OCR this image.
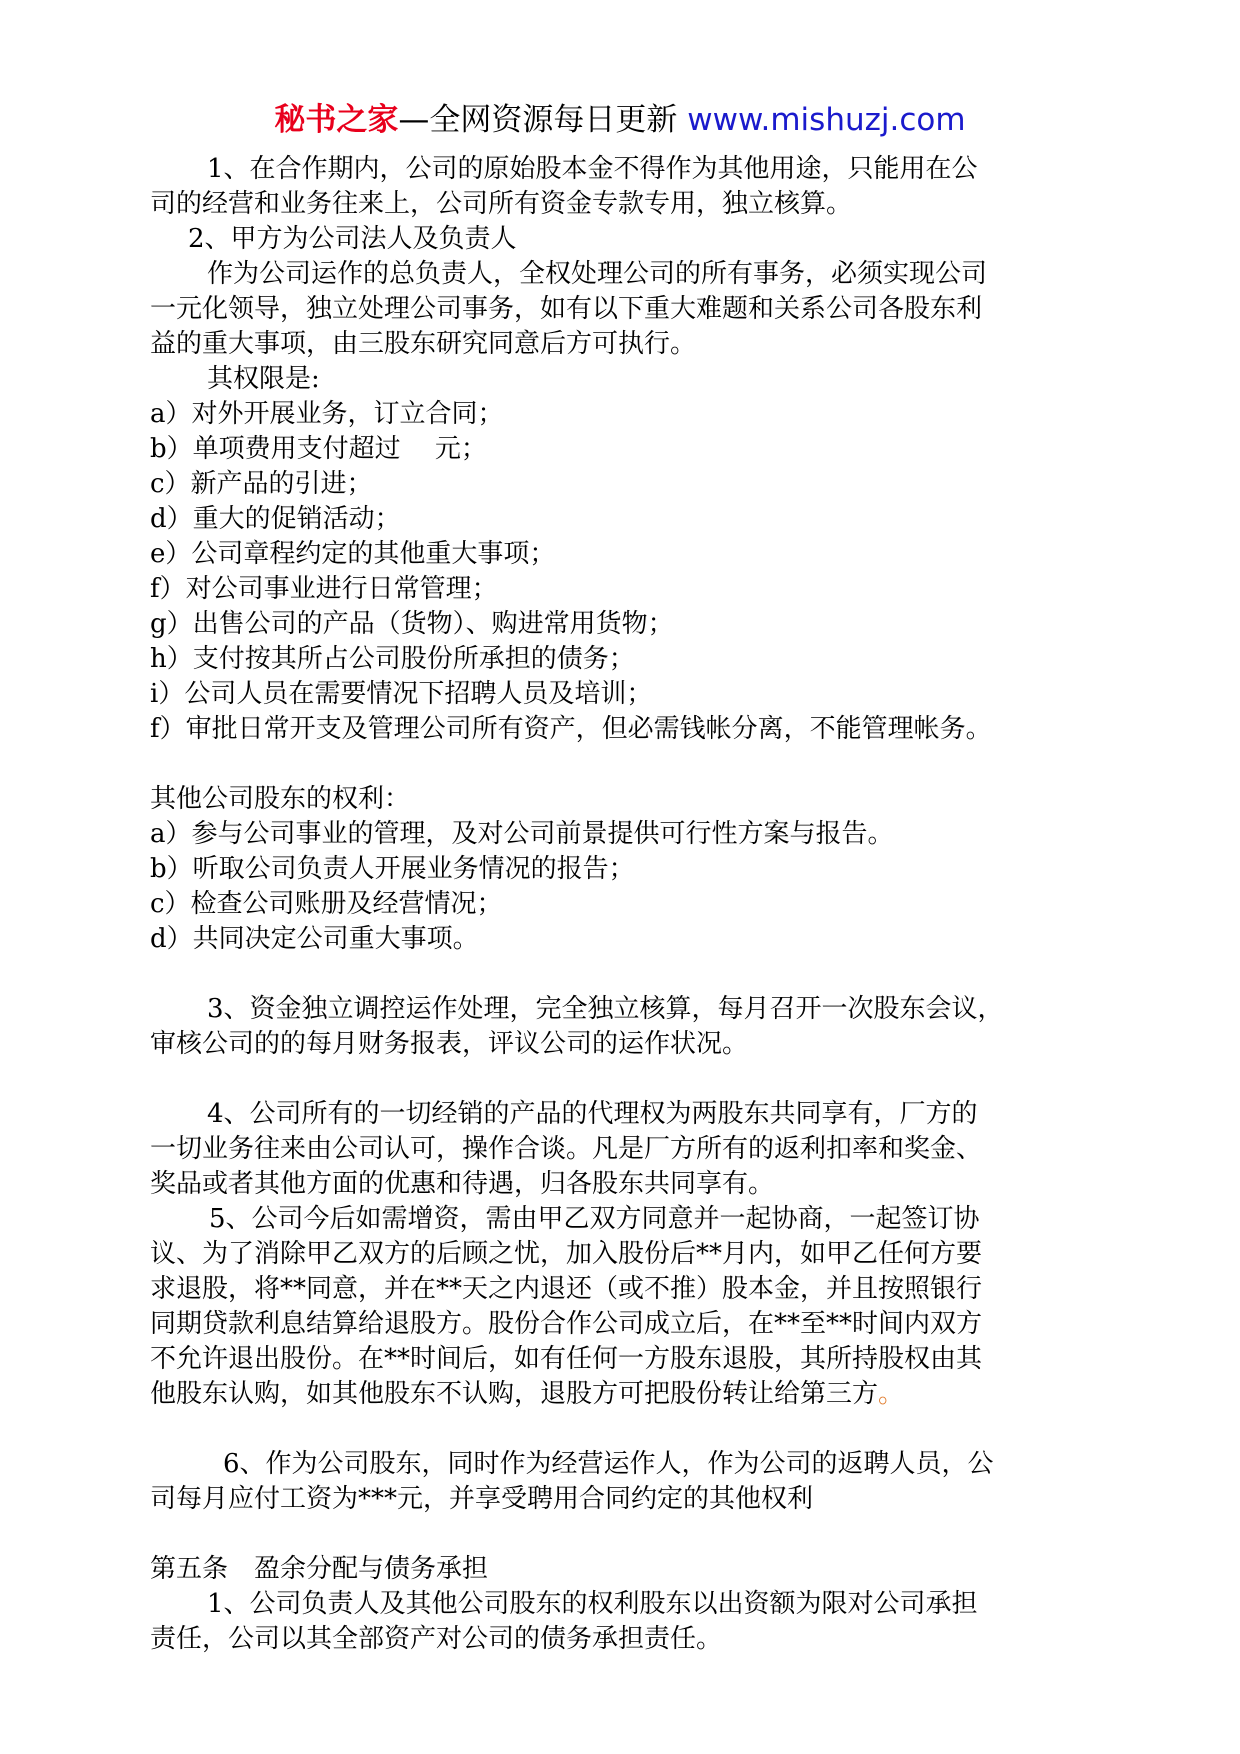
秘书之家—全网资源每日更新 www.mishuzj.com
1、在合作期内，公司的原始股本金不得作为其他用途，只能用在公
司的经营和业务往来上，公司所有资金专款专用，独立核算。
2、甲方为公司法人及负责人
作为公司运作的总负责人，全权处理公司的所有事务，必须实现公司
一元化领导，独立处理公司事务，如有以下重大难题和关系公司各股东利
益的重大事项，由三股东研究同意后方可执行。
其权限是:
a）对外开展业务，订立合同；
b）单项费用支付超过　 元；
c）新产品的引进；
d）重大的促销活动；
e）公司章程约定的其他重大事项；
f）对公司事业进行日常管理；
g）出售公司的产品（货物）、购进常用货物；
h）支付按其所占公司股份所承担的债务；
i）公司人员在需要情况下招聘人员及培训；
f）审批日常开支及管理公司所有资产，但必需钱帐分离，不能管理帐务。
其他公司股东的权利：
a）参与公司事业的管理，及对公司前景提供可行性方案与报告。
b）听取公司负责人开展业务情况的报告；
c）检查公司账册及经营情况；
d）共同决定公司重大事项。
3、资金独立调控运作处理，完全独立核算，每月召开一次股东会议，
审核公司的的每月财务报表，评议公司的运作状况。
4、公司所有的一切经销的产品的代理权为两股东共同享有，厂方的
一切业务往来由公司认可，操作合谈。凡是厂方所有的返利扣率和奖金、
奖品或者其他方面的优惠和待遇，归各股东共同享有。
5、公司今后如需增资，需由甲乙双方同意并一起协商，一起签订协
议、为了消除甲乙双方的后顾之忧，加入股份后**月内，如甲乙任何方要
求退股，将**同意，并在**天之内退还（或不推）股本金，并且按照银行
同期贷款利息结算给退股方。股份合作公司成立后，在**至**时间内双方
不允许退出股份。在**时间后，如有任何一方股东退股，其所持股权由其
他股东认购，如其他股东不认购，退股方可把股份转让给第三方。
6、作为公司股东，同时作为经营运作人，作为公司的返聘人员，公
司每月应付工资为***元，并享受聘用合同约定的其他权利
第五条　盈余分配与债务承担
1、公司负责人及其他公司股东的权利股东以出资额为限对公司承担
责任，公司以其全部资产对公司的债务承担责任。
